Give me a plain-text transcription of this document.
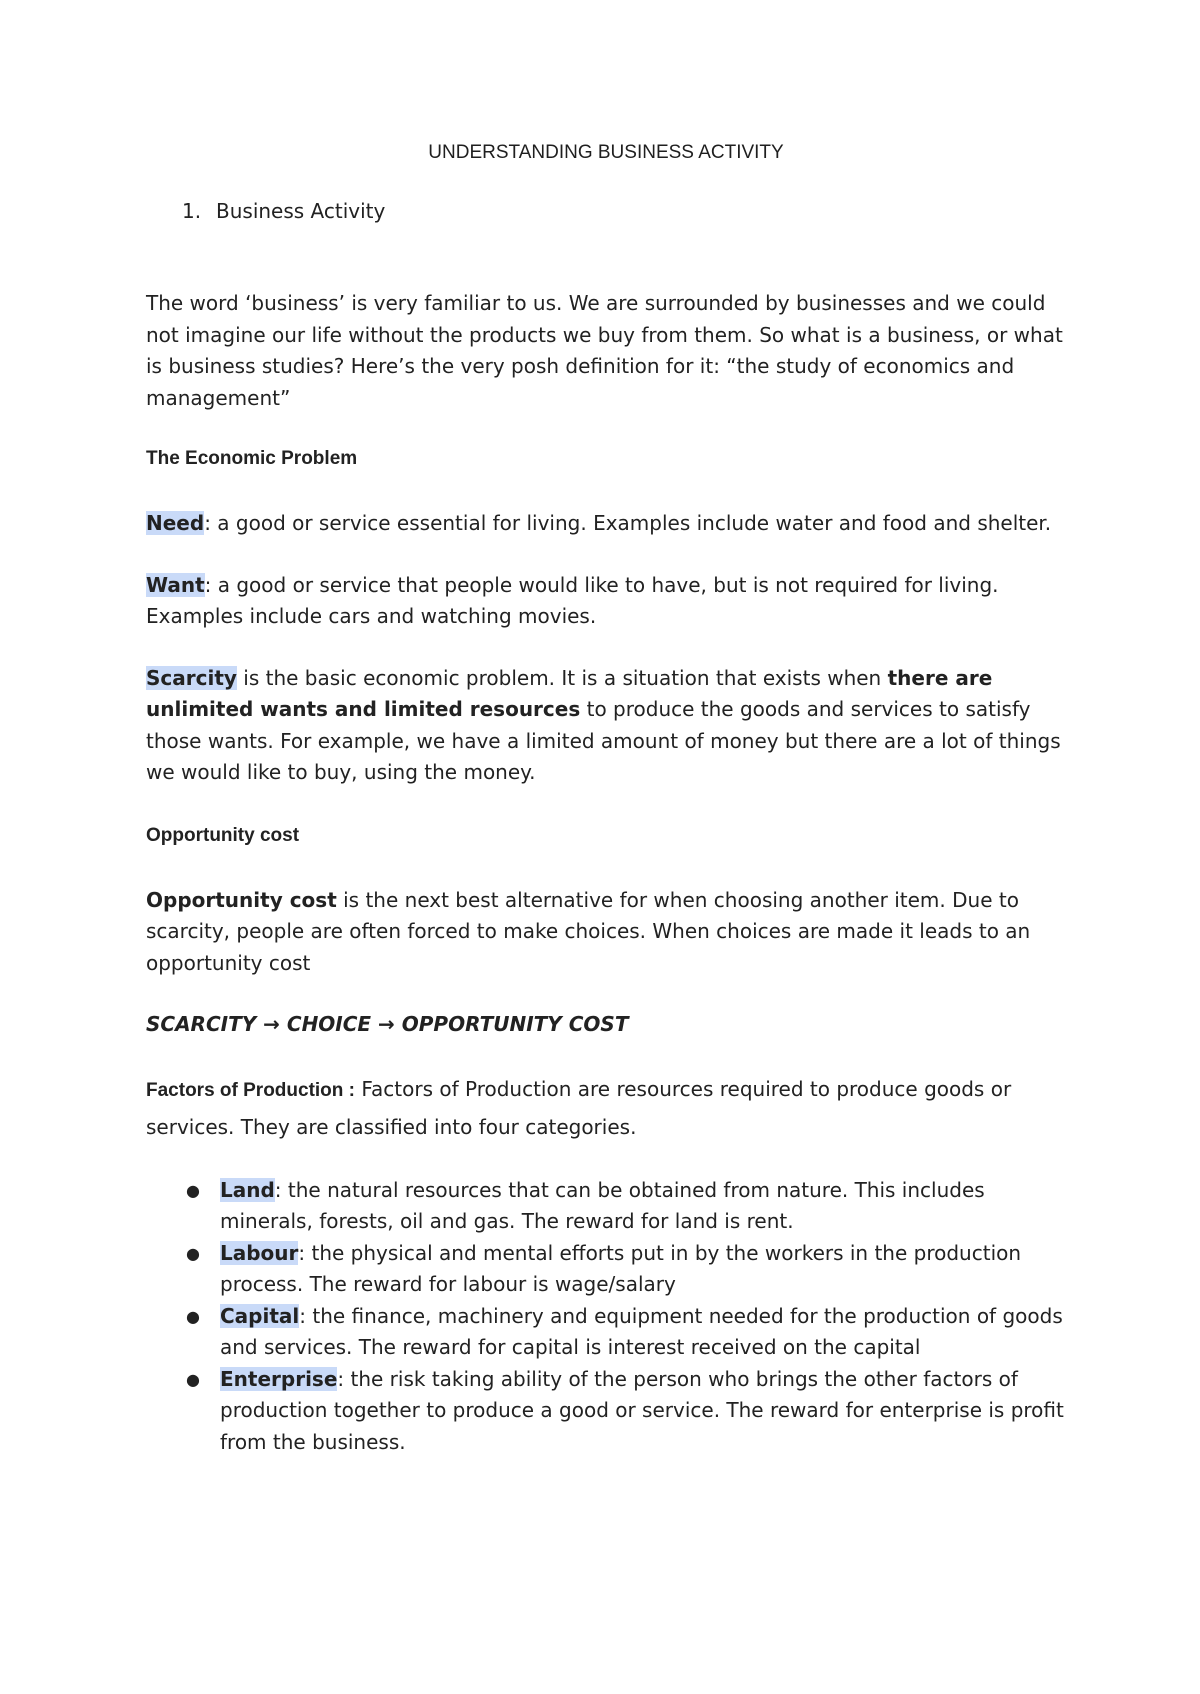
UNDERSTANDING BUSINESS ACTIVITY
1. Business Activity

The word ‘business’ is very familiar to us. We are surrounded by businesses and we could not imagine our life without the products we buy from them. So what is a business, or what is business studies? Here’s the very posh definition for it: “the study of economics and management”

The Economic Problem

Need: a good or service essential for living. Examples include water and food and shelter.

Want: a good or service that people would like to have, but is not required for living. Examples include cars and watching movies.

Scarcity is the basic economic problem. It is a situation that exists when there are unlimited wants and limited resources to produce the goods and services to satisfy those wants. For example, we have a limited amount of money but there are a lot of things we would like to buy, using the money.

Opportunity cost

Opportunity cost is the next best alternative for when choosing another item. Due to scarcity, people are often forced to make choices. When choices are made it leads to an opportunity cost

SCARCITY → CHOICE → OPPORTUNITY COST

Factors of Production : Factors of Production are resources required to produce goods or services. They are classified into four categories.

● Land: the natural resources that can be obtained from nature. This includes minerals, forests, oil and gas. The reward for land is rent.
● Labour: the physical and mental efforts put in by the workers in the production process. The reward for labour is wage/salary
● Capital: the finance, machinery and equipment needed for the production of goods and services. The reward for capital is interest received on the capital
● Enterprise: the risk taking ability of the person who brings the other factors of production together to produce a good or service. The reward for enterprise is profit from the business.
